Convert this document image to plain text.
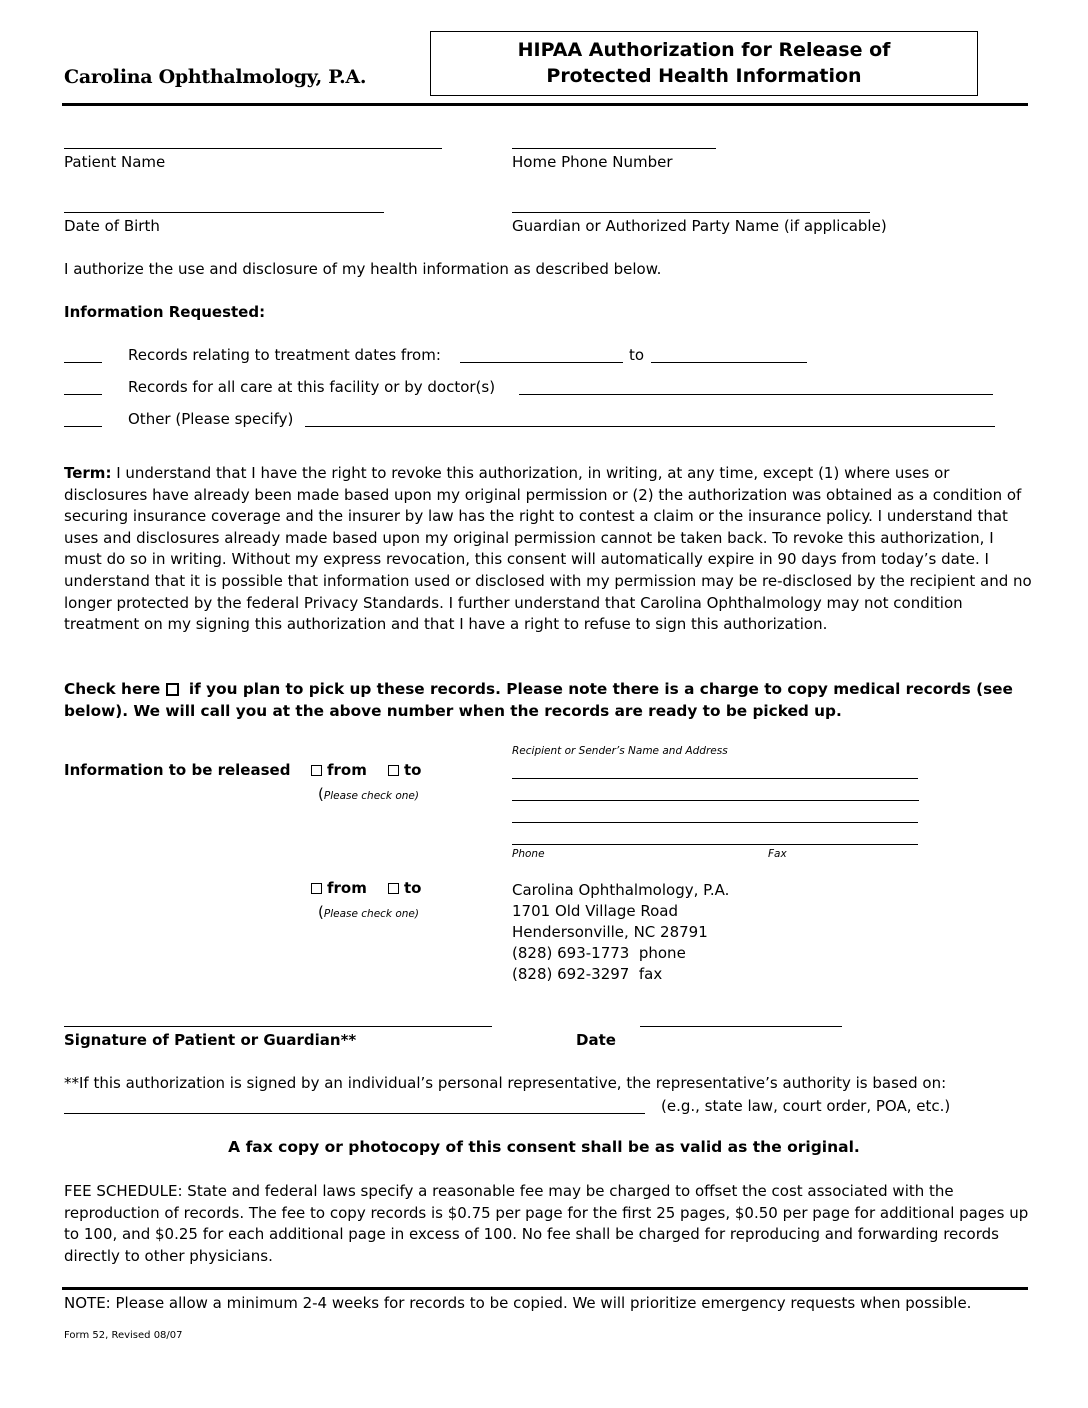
Carolina Ophthalmology, P.A.
HIPAA Authorization for Release of
Protected Health Information
Patient Name	Home Phone Number
Date of Birth	Guardian or Authorized Party Name (if applicable)
I authorize the use and disclosure of my health information as described below.
Information Requested:
Records relating to treatment dates from:	to
Records for all care at this facility or by doctor(s)
Other (Please specify)
Term: I understand that I have the right to revoke this authorization, in writing, at any time, except (1) where uses or disclosures have already been made based upon my original permission or (2) the authorization was obtained as a condition of securing insurance coverage and the insurer by law has the right to contest a claim or the insurance policy. I understand that uses and disclosures already made based upon my original permission cannot be taken back. To revoke this authorization, I must do so in writing. Without my express revocation, this consent will automatically expire in 90 days from today’s date. I understand that it is possible that information used or disclosed with my permission may be re-disclosed by the recipient and no longer protected by the federal Privacy Standards. I further understand that Carolina Ophthalmology may not condition treatment on my signing this authorization and that I have a right to refuse to sign this authorization.
Check here  if you plan to pick up these records. Please note there is a charge to copy medical records (see below). We will call you at the above number when the records are ready to be picked up.
Recipient or Sender’s Name and Address
Information to be released	from	to
(Please check one)
Phone	Fax
from	to
(Please check one)
Carolina Ophthalmology, P.A.
1701 Old Village Road
Hendersonville, NC 28791
(828) 693-1773  phone
(828) 692-3297  fax
Signature of Patient or Guardian**	Date
**If this authorization is signed by an individual’s personal representative, the representative’s authority is based on:
(e.g., state law, court order, POA, etc.)
A fax copy or photocopy of this consent shall be as valid as the original.
FEE SCHEDULE: State and federal laws specify a reasonable fee may be charged to offset the cost associated with the reproduction of records. The fee to copy records is $0.75 per page for the first 25 pages, $0.50 per page for additional pages up to 100, and $0.25 for each additional page in excess of 100. No fee shall be charged for reproducing and forwarding records directly to other physicians.
NOTE: Please allow a minimum 2-4 weeks for records to be copied. We will prioritize emergency requests when possible.
Form 52, Revised 08/07
